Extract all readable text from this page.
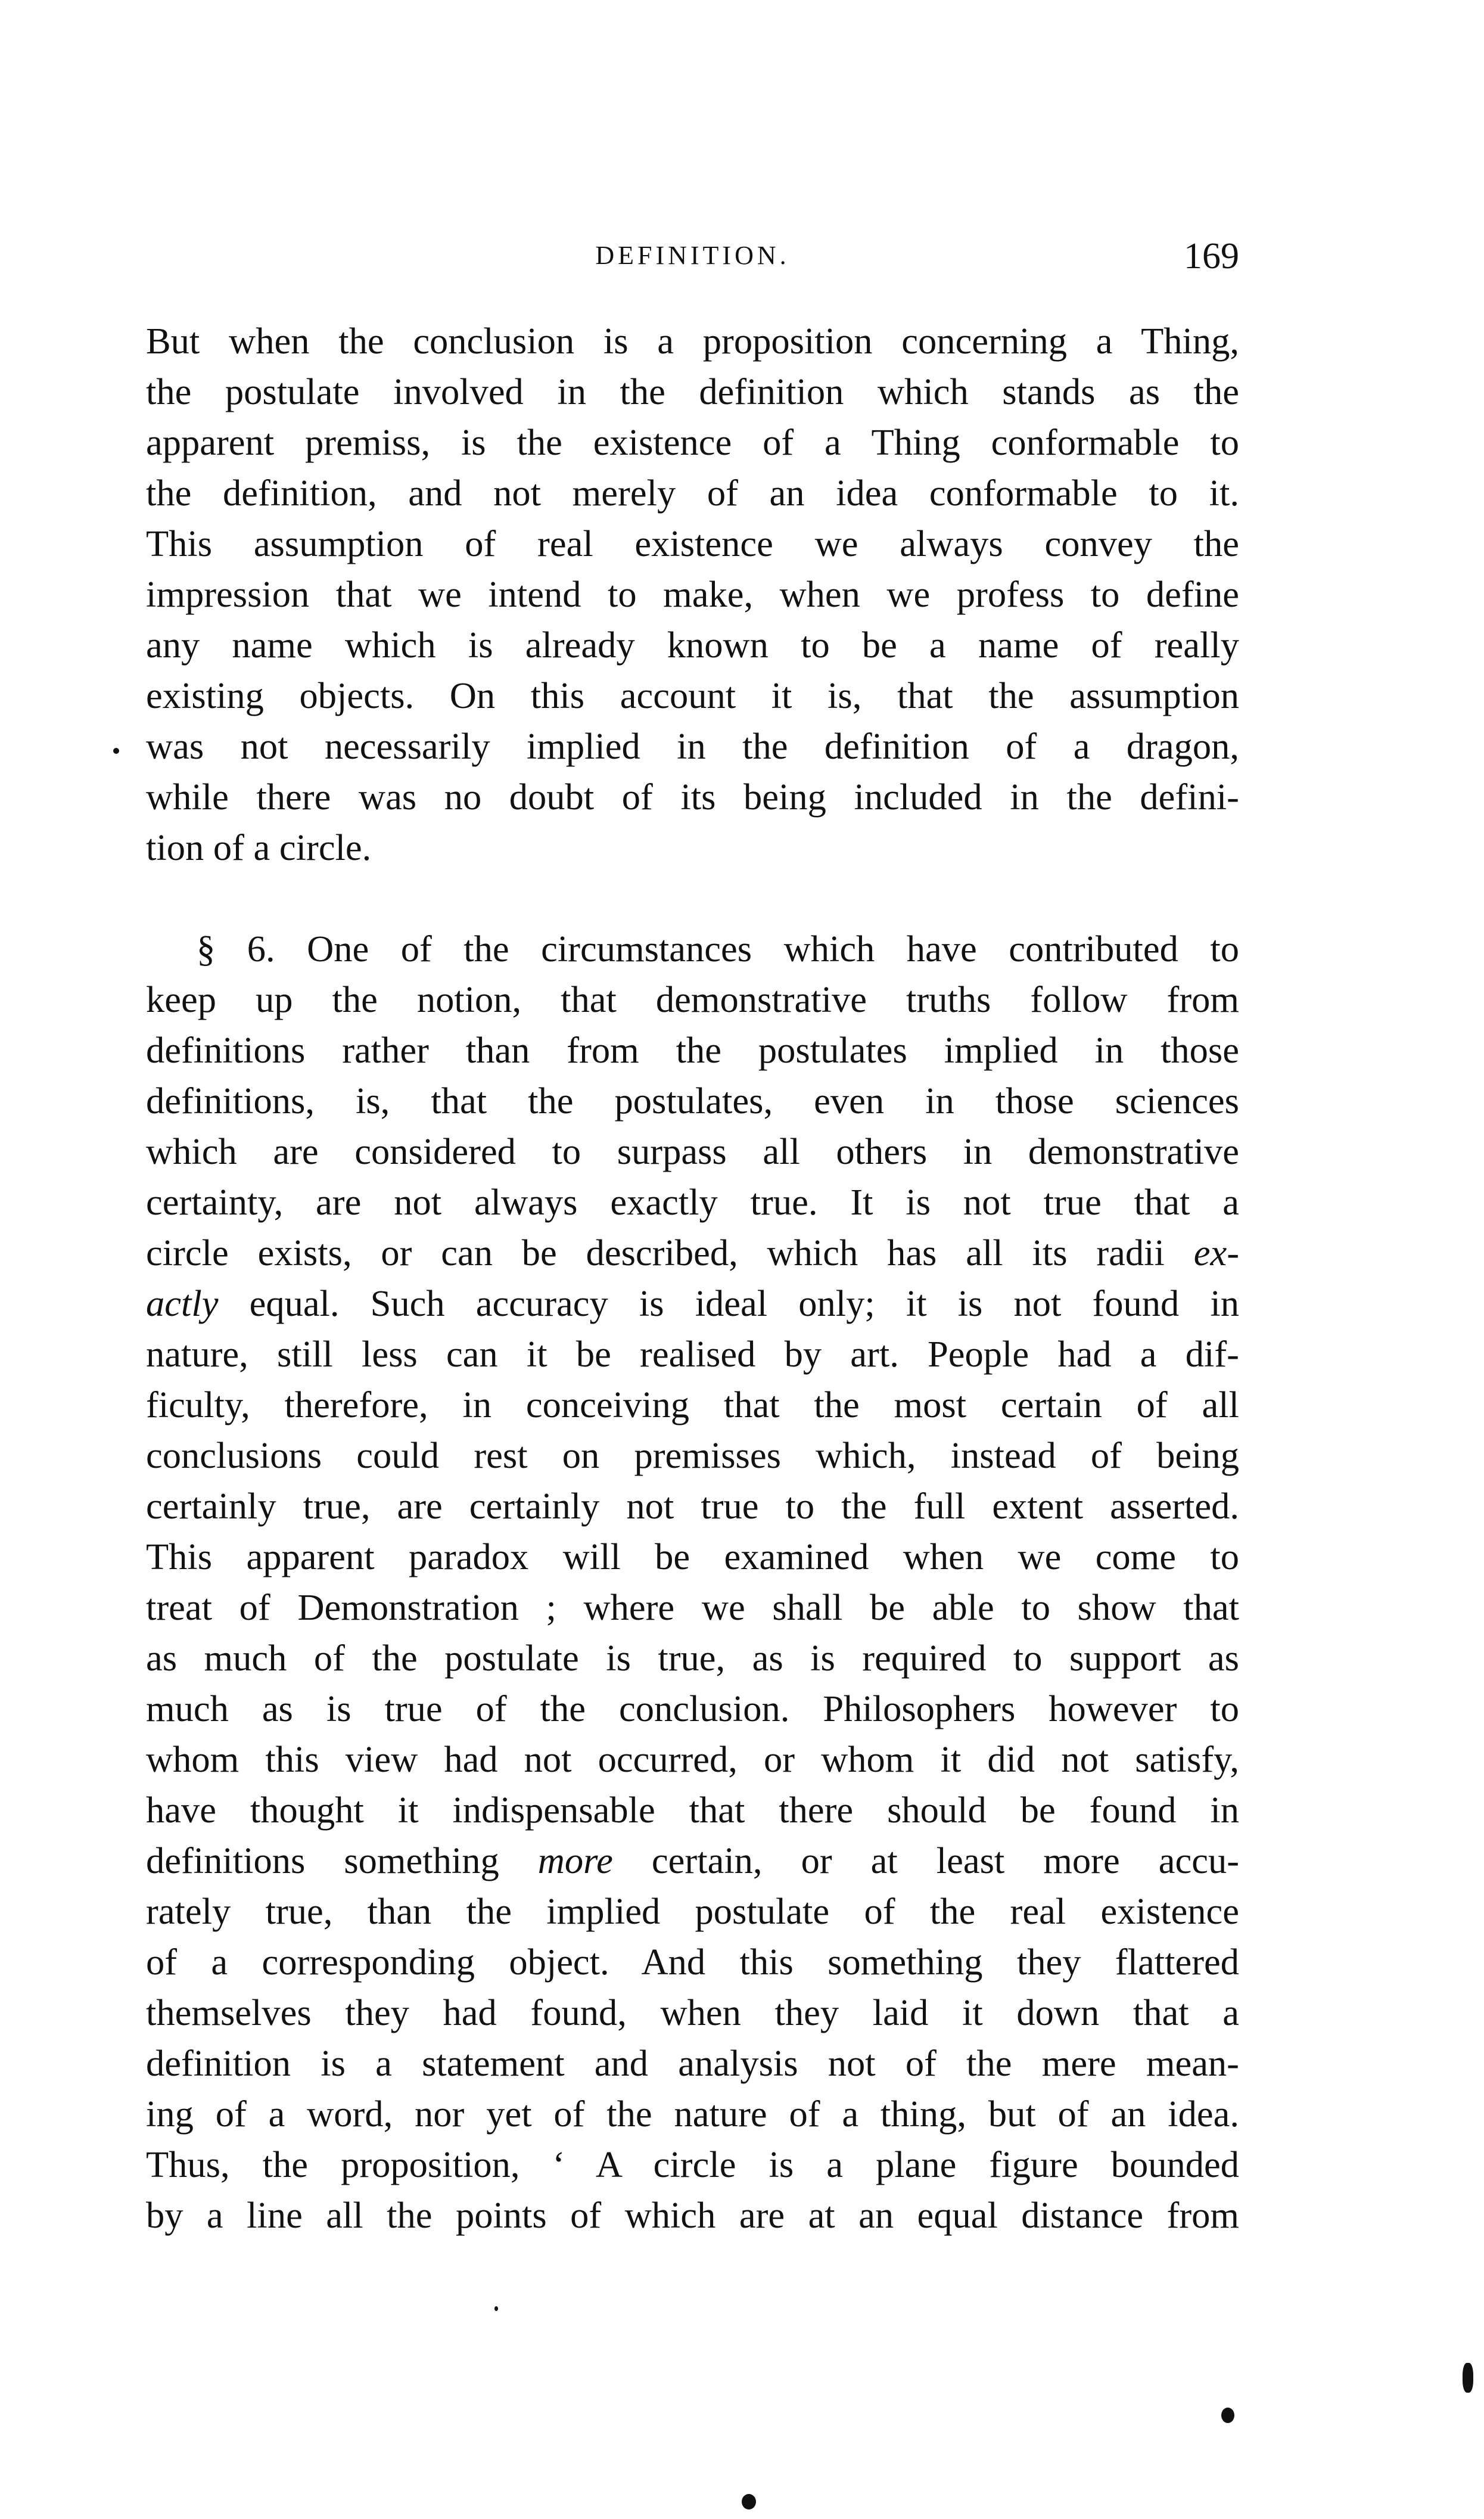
DEFINITION.	169
But when the conclusion is a proposition concerning a Thing,
the postulate involved in the definition which stands as the
apparent premiss, is the existence of a Thing conformable to
the definition, and not merely of an idea conformable to it.
This assumption of real existence we always convey the
impression that we intend to make, when we profess to define
any name which is already known to be a name of really
existing objects. On this account it is, that the assumption
was not necessarily implied in the definition of a dragon,
while there was no doubt of its being included in the defini-
tion of a circle.
§ 6. One of the circumstances which have contributed to
keep up the notion, that demonstrative truths follow from
definitions rather than from the postulates implied in those
definitions, is, that the postulates, even in those sciences
which are considered to surpass all others in demonstrative
certainty, are not always exactly true. It is not true that a
circle exists, or can be described, which has all its radii ex-
actly equal. Such accuracy is ideal only; it is not found in
nature, still less can it be realised by art. People had a dif-
ficulty, therefore, in conceiving that the most certain of all
conclusions could rest on premisses which, instead of being
certainly true, are certainly not true to the full extent asserted.
This apparent paradox will be examined when we come to
treat of Demonstration ; where we shall be able to show that
as much of the postulate is true, as is required to support as
much as is true of the conclusion. Philosophers however to
whom this view had not occurred, or whom it did not satisfy,
have thought it indispensable that there should be found in
definitions something more certain, or at least more accu-
rately true, than the implied postulate of the real existence
of a corresponding object. And this something they flattered
themselves they had found, when they laid it down that a
definition is a statement and analysis not of the mere mean-
ing of a word, nor yet of the nature of a thing, but of an idea.
Thus, the proposition, ‘ A circle is a plane figure bounded
by a line all the points of which are at an equal distance from
